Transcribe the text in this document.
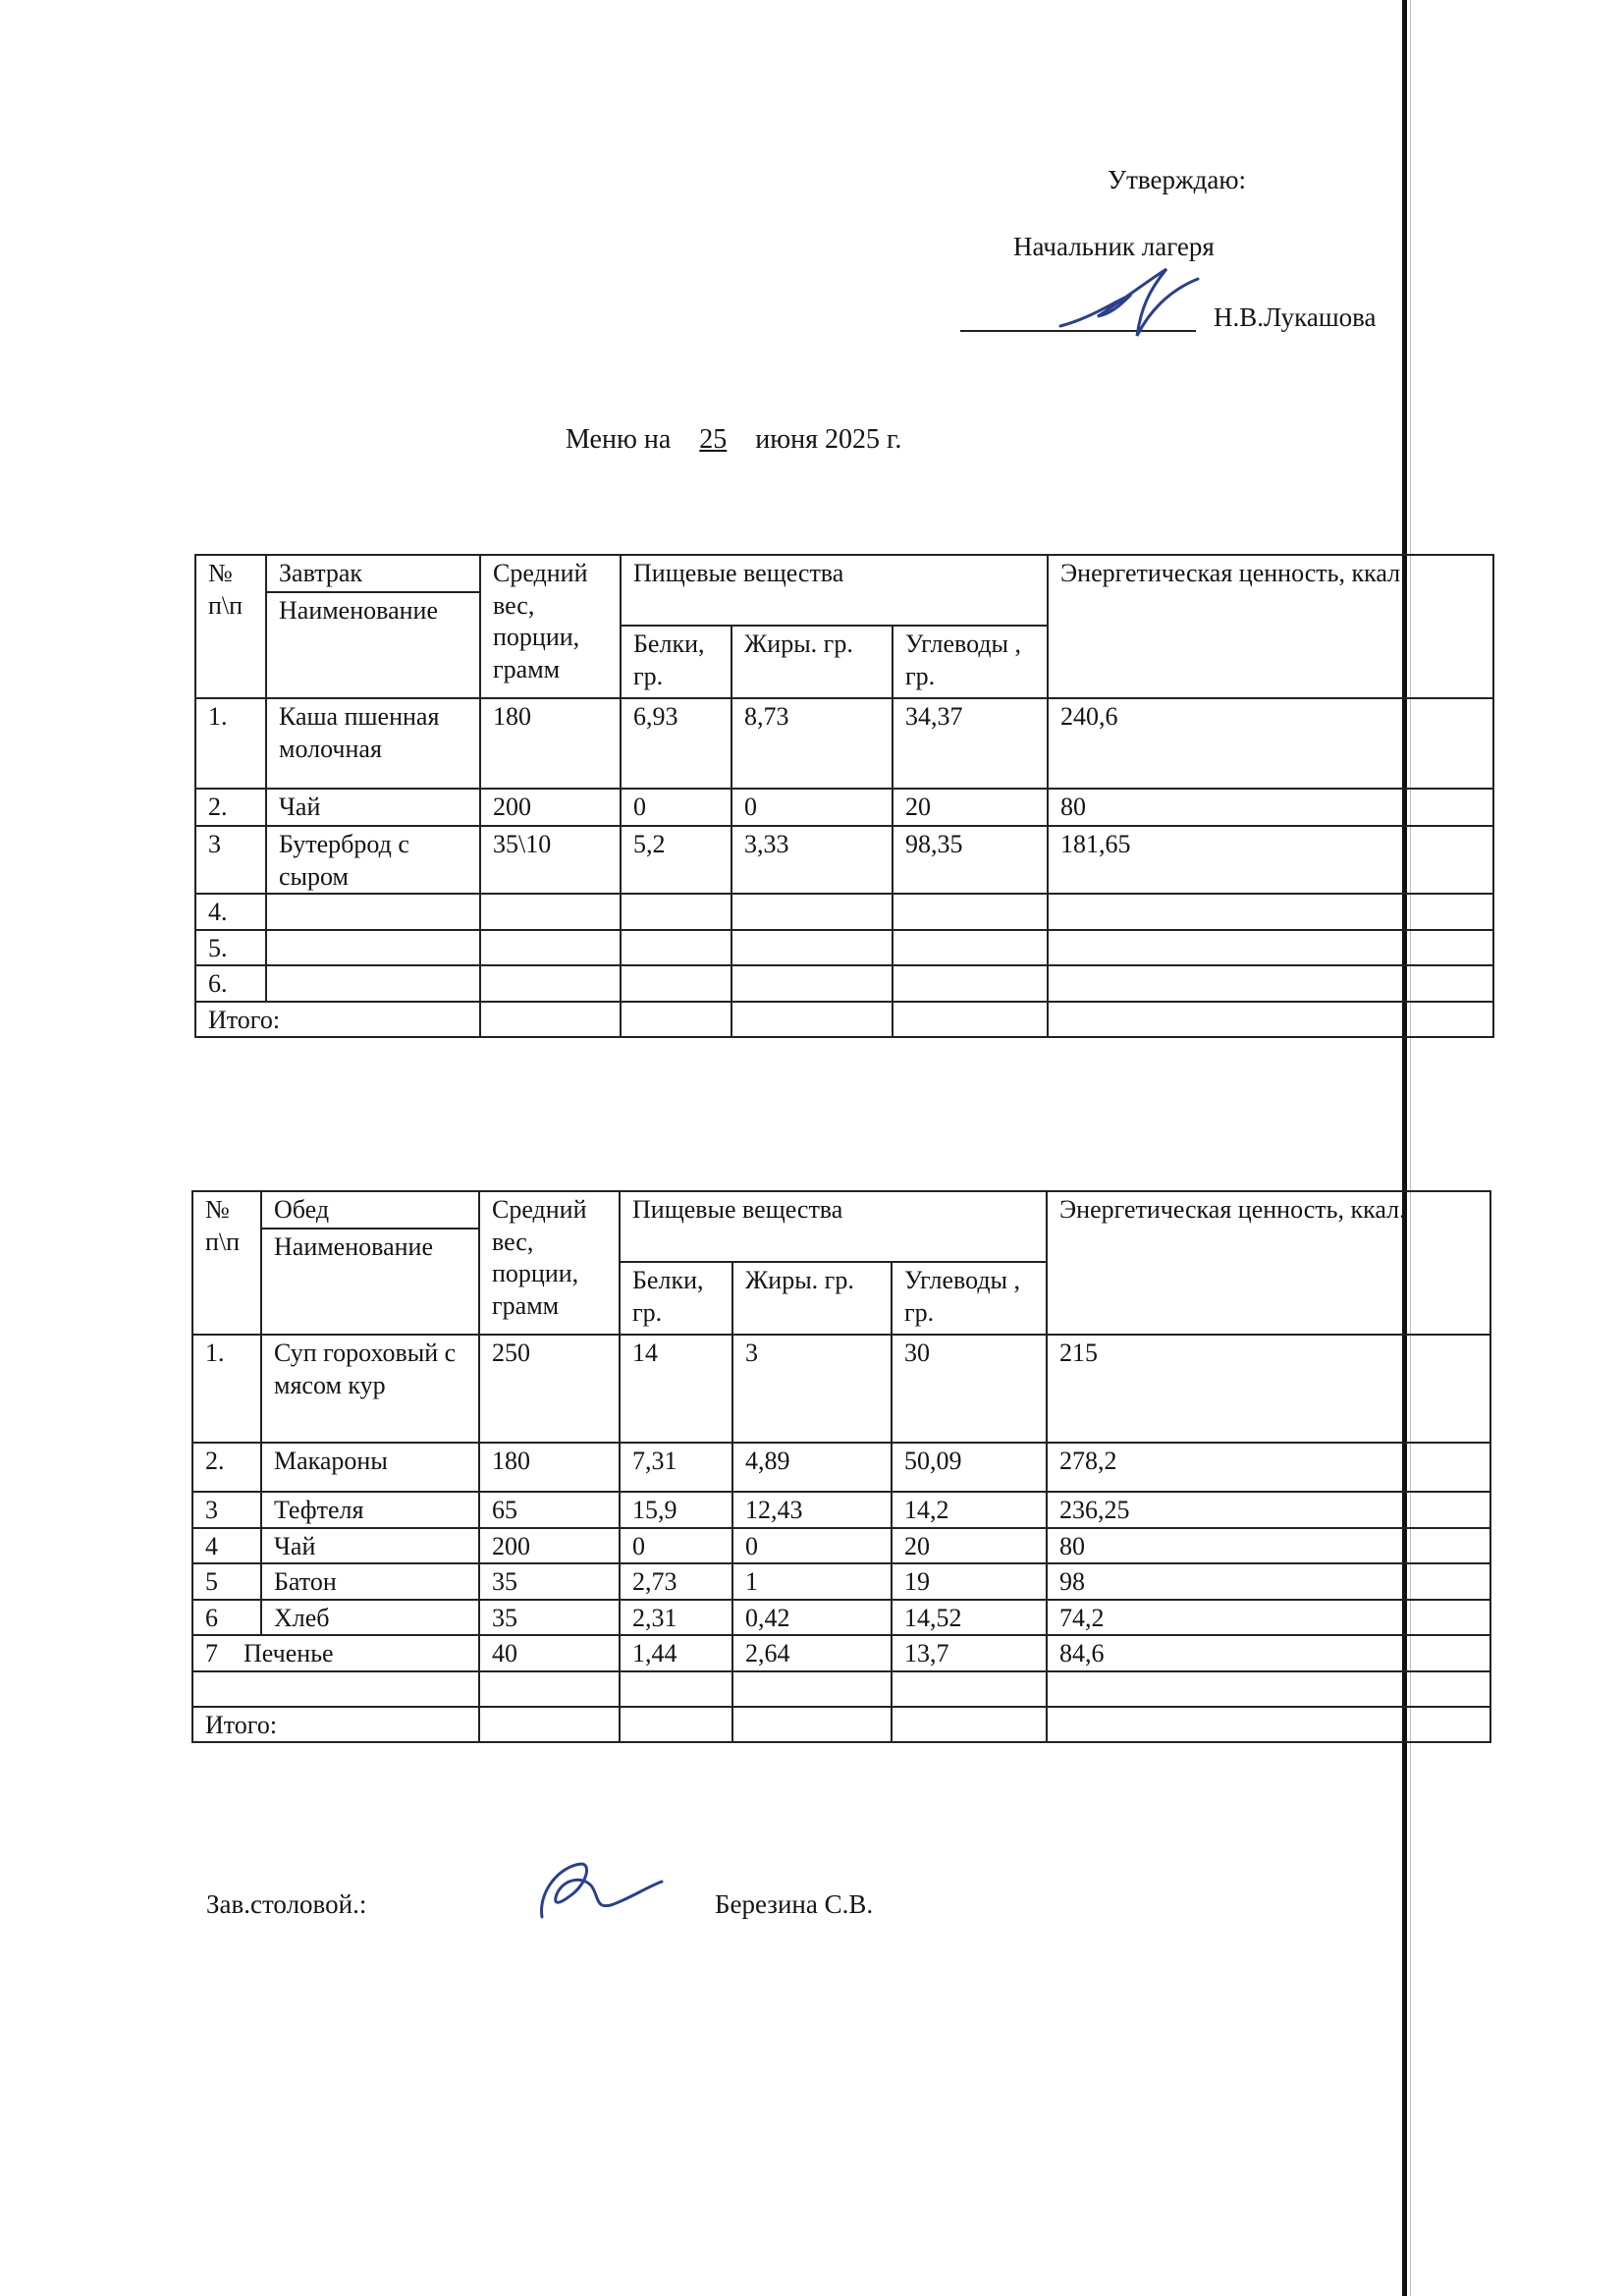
Утверждаю:
Начальник лагеря
Н.В.Лукашова
Меню на 25 июня 2025 г.
№ п\п	Завтрак	Средний вес, порции, грамм	Пищевые вещества			Энергетическая ценность, ккал.
	Наименование					
			Белки, гр.	Жиры. гр.	Углеводы , гр.	
1.	Каша пшенная молочная	180	6,93	8,73	34,37	240,6
2.	Чай	200	0	0	20	80
3	Бутерброд с сыром	35\10	5,2	3,33	98,35	181,65
4.						
5.						
6.						
Итого:						
№ п\п	Обед	Средний вес, порции, грамм	Пищевые вещества			Энергетическая ценность, ккал.
	Наименование					
			Белки, гр.	Жиры. гр.	Углеводы , гр.	
1.	Суп гороховый с мясом кур	250	14	3	30	215
2.	Макароны	180	7,31	4,89	50,09	278,2
3	Тефтеля	65	15,9	12,43	14,2	236,25
4	Чай	200	0	0	20	80
5	Батон	35	2,73	1	19	98
6	Хлеб	35	2,31	0,42	14,52	74,2
7 Печенье		40	1,44	2,64	13,7	84,6

Итого:						
Зав.столовой.:	Березина С.В.
